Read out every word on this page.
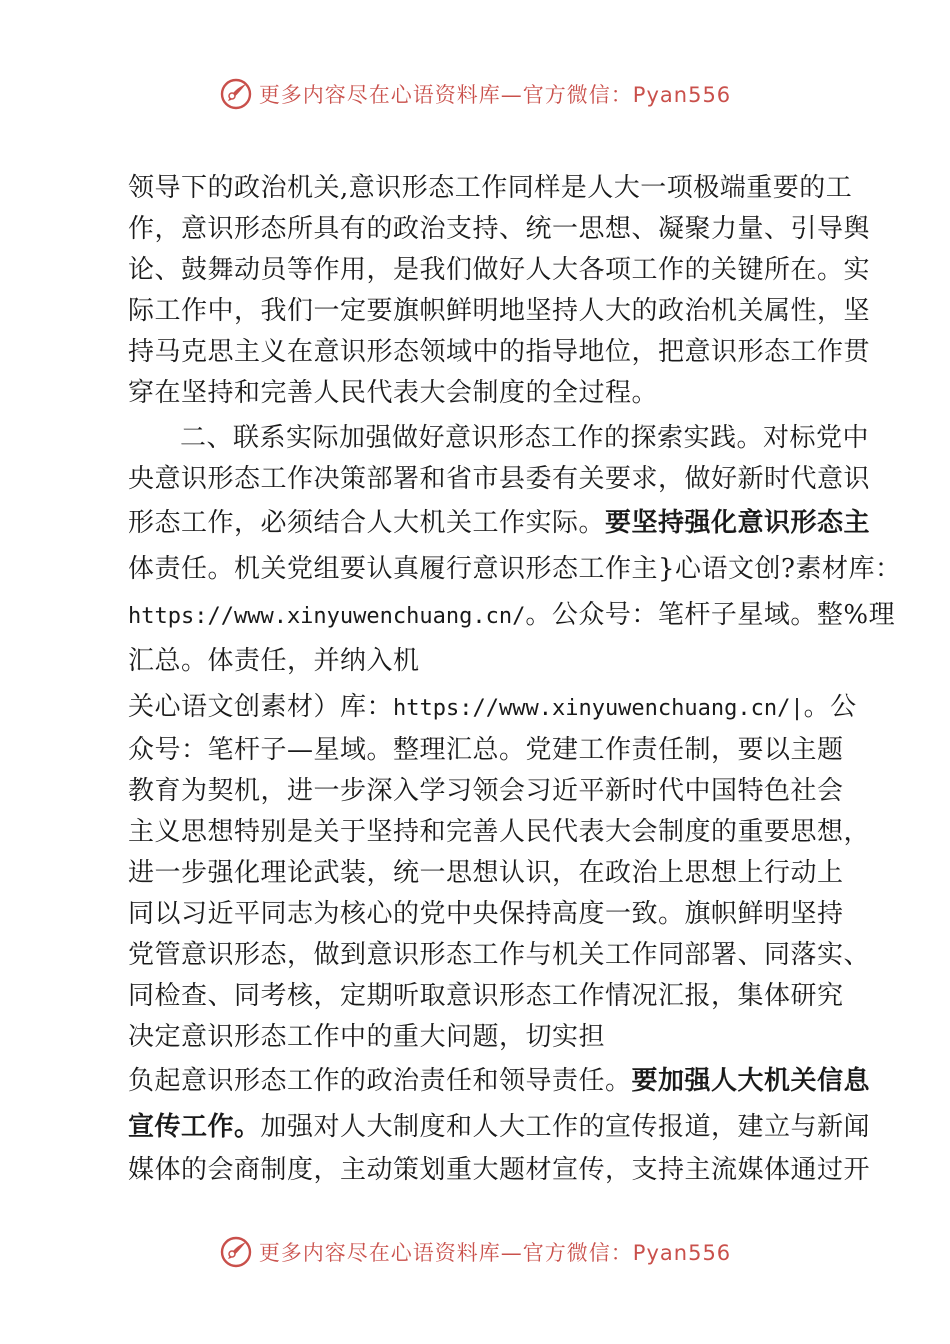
更多内容尽在心语资料库—官方微信：Pyan556
领导下的政治机关,意识形态工作同样是人大一项极端重要的工
作，意识形态所具有的政治支持、统一思想、凝聚力量、引导舆
论、鼓舞动员等作用，是我们做好人大各项工作的关键所在。实
际工作中，我们一定要旗帜鲜明地坚持人大的政治机关属性，坚
持马克思主义在意识形态领域中的指导地位，把意识形态工作贯
穿在坚持和完善人民代表大会制度的全过程。
二、联系实际加强做好意识形态工作的探索实践。对标党中
央意识形态工作决策部署和省市县委有关要求，做好新时代意识
形态工作，必须结合人大机关工作实际。要坚持强化意识形态主
体责任。机关党组要认真履行意识形态工作主}心语文创?素材库：
https://www.xinyuwenchuang.cn/。公众号：笔杆子星域。整%理
汇总。体责任，并纳入机
关心语文创素材）库：https://www.xinyuwenchuang.cn/|。公
众号：笔杆子—星域。整理汇总。党建工作责任制，要以主题
教育为契机，进一步深入学习领会习近平新时代中国特色社会
主义思想特别是关于坚持和完善人民代表大会制度的重要思想，
进一步强化理论武装，统一思想认识，在政治上思想上行动上
同以习近平同志为核心的党中央保持高度一致。旗帜鲜明坚持
党管意识形态，做到意识形态工作与机关工作同部署、同落实、
同检查、同考核，定期听取意识形态工作情况汇报，集体研究
决定意识形态工作中的重大问题，切实担
负起意识形态工作的政治责任和领导责任。要加强人大机关信息
宣传工作。加强对人大制度和人大工作的宣传报道，建立与新闻
媒体的会商制度，主动策划重大题材宣传，支持主流媒体通过开
更多内容尽在心语资料库—官方微信：Pyan556
